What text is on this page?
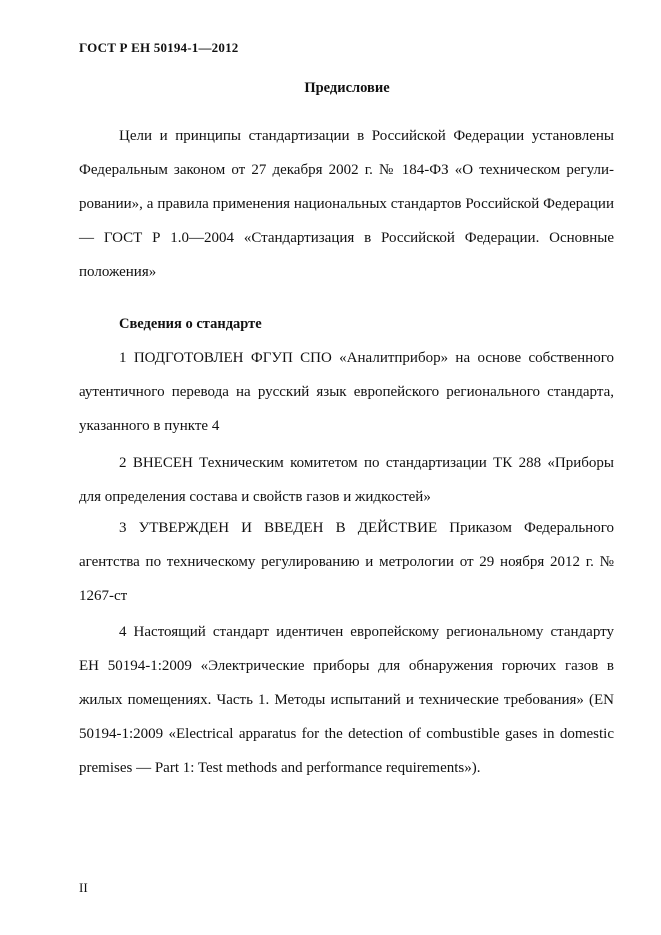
ГОСТ Р ЕН 50194-1—2012
Предисловие

Цели и принципы стандартизации в Российской Федерации установлены Федеральным законом от 27 декабря 2002 г. № 184-ФЗ «О техническом регулировании», а правила применения национальных стандартов Российской Федерации — ГОСТ Р 1.0—2004 «Стандартизация в Российской Федерации. Основные положения»

Сведения о стандарте

1 ПОДГОТОВЛЕН ФГУП СПО «Аналитприбор» на основе собственного аутентичного перевода на русский язык европейского регионального стандарта, указанного в пункте 4

2 ВНЕСЕН Техническим комитетом по стандартизации ТК 288 «Приборы для определения состава и свойств газов и жидкостей»

3 УТВЕРЖДЕН И ВВЕДЕН В ДЕЙСТВИЕ Приказом Федерального агентства по техническому регулированию и метрологии от 29 ноября 2012 г. № 1267-ст

4 Настоящий стандарт идентичен европейскому региональному стандарту ЕН 50194-1:2009 «Электрические приборы для обнаружения горючих газов в жилых помещениях. Часть 1. Методы испытаний и технические требования» (EN 50194-1:2009 «Electrical apparatus for the detection of combustible gases in domestic premises — Part 1: Test methods and performance requirements»).

II
